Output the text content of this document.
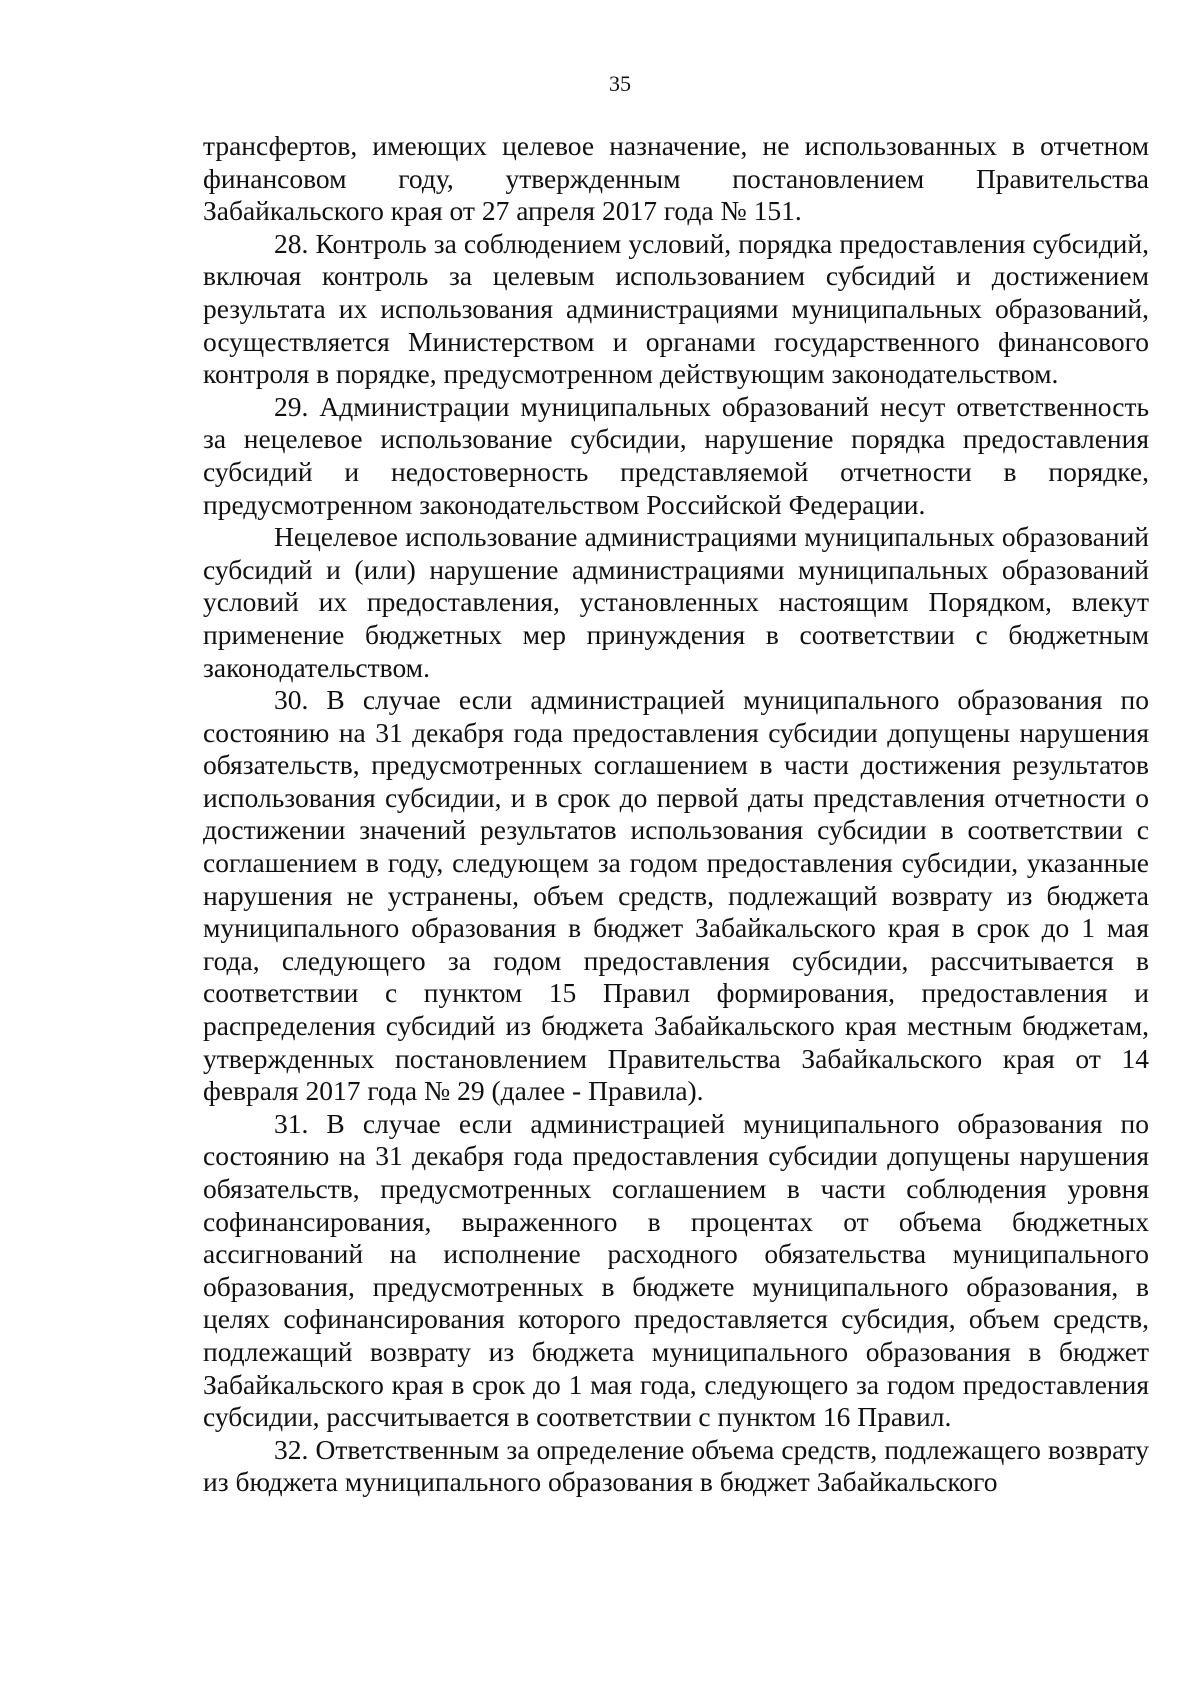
35

трансфертов, имеющих целевое назначение, не использованных в отчетном финансовом году, утвержденным постановлением Правительства Забайкальского края от 27 апреля 2017 года № 151.

28. Контроль за соблюдением условий, порядка предоставления субсидий, включая контроль за целевым использованием субсидий и достижением результата их использования администрациями муниципальных образований, осуществляется Министерством и органами государственного финансового контроля в порядке, предусмотренном действующим законодательством.

29. Администрации муниципальных образований несут ответственность за нецелевое использование субсидии, нарушение порядка предоставления субсидий и недостоверность представляемой отчетности в порядке, предусмотренном законодательством Российской Федерации.

Нецелевое использование администрациями муниципальных образований субсидий и (или) нарушение администрациями муниципальных образований условий их предоставления, установленных настоящим Порядком, влекут применение бюджетных мер принуждения в соответствии с бюджетным законодательством.

30. В случае если администрацией муниципального образования по состоянию на 31 декабря года предоставления субсидии допущены нарушения обязательств, предусмотренных соглашением в части достижения результатов использования субсидии, и в срок до первой даты представления отчетности о достижении значений результатов использования субсидии в соответствии с соглашением в году, следующем за годом предоставления субсидии, указанные нарушения не устранены, объем средств, подлежащий возврату из бюджета муниципального образования в бюджет Забайкальского края в срок до 1 мая года, следующего за годом предоставления субсидии, рассчитывается в соответствии с пунктом 15 Правил формирования, предоставления и распределения субсидий из бюджета Забайкальского края местным бюджетам, утвержденных постановлением Правительства Забайкальского края от 14 февраля 2017 года № 29 (далее - Правила).

31. В случае если администрацией муниципального образования по состоянию на 31 декабря года предоставления субсидии допущены нарушения обязательств, предусмотренных соглашением в части соблюдения уровня софинансирования, выраженного в процентах от объема бюджетных ассигнований на исполнение расходного обязательства муниципального образования, предусмотренных в бюджете муниципального образования, в целях софинансирования которого предоставляется субсидия, объем средств, подлежащий возврату из бюджета муниципального образования в бюджет Забайкальского края в срок до 1 мая года, следующего за годом предоставления субсидии, рассчитывается в соответствии с пунктом 16 Правил.

32. Ответственным за определение объема средств, подлежащего возврату из бюджета муниципального образования в бюджет Забайкальского
